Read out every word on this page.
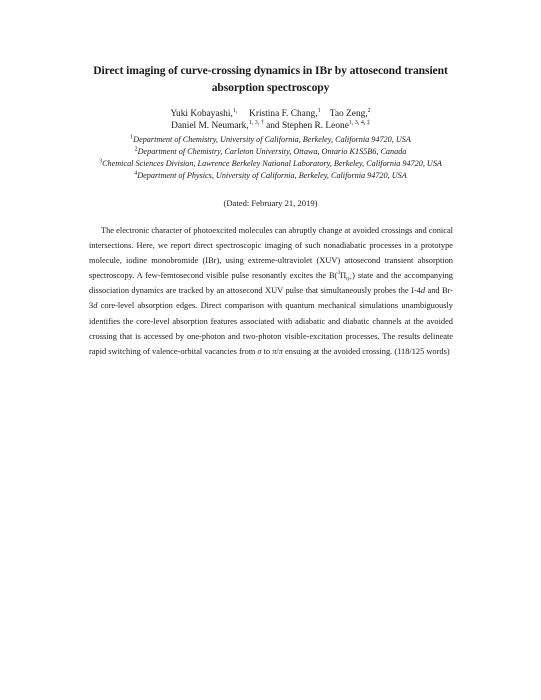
Direct imaging of curve-crossing dynamics in IBr by attosecond transient
absorption spectroscopy
Yuki Kobayashi,$^{1,}$ Kristina F. Chang,$^1$ Tao Zeng,$^2$
Daniel M. Neumark,$^{1, 3, \dagger}$ and Stephen R. Leone$^{1, 3, 4, \ddagger}$
$^1$Department of Chemistry, University of California, Berkeley, California 94720, USA
$^2$Department of Chemistry, Carleton University, Ottawa, Ontario K1S5B6, Canada
$^3$Chemical Sciences Division, Lawrence Berkeley National Laboratory, Berkeley, California 94720, USA
$^4$Department of Physics, University of California, Berkeley, California 94720, USA
(Dated: February 21, 2019)
The electronic character of photoexcited molecules can abruptly change at avoided crossings and conical intersections. Here, we report direct spectroscopic imaging of such nonadiabatic processes in a prototype molecule, iodine monobromide (IBr), using extreme-ultraviolet (XUV) attosecond transient absorption spectroscopy. A few-femtosecond visible pulse resonantly excites the $B(^3\Pi_{0+})$ state and the accompanying dissociation dynamics are tracked by an attosecond XUV pulse that simultaneously probes the I-4d and Br-3d core-level absorption edges. Direct comparison with quantum mechanical simulations unambiguously identifies the core-level absorption features associated with adiabatic and diabatic channels at the avoided crossing that is accessed by one-photon and two-photon visible-excitation processes. The results delineate rapid switching of valence-orbital vacancies from σ to π/π ensuing at the avoided crossing. (118/125 words)
